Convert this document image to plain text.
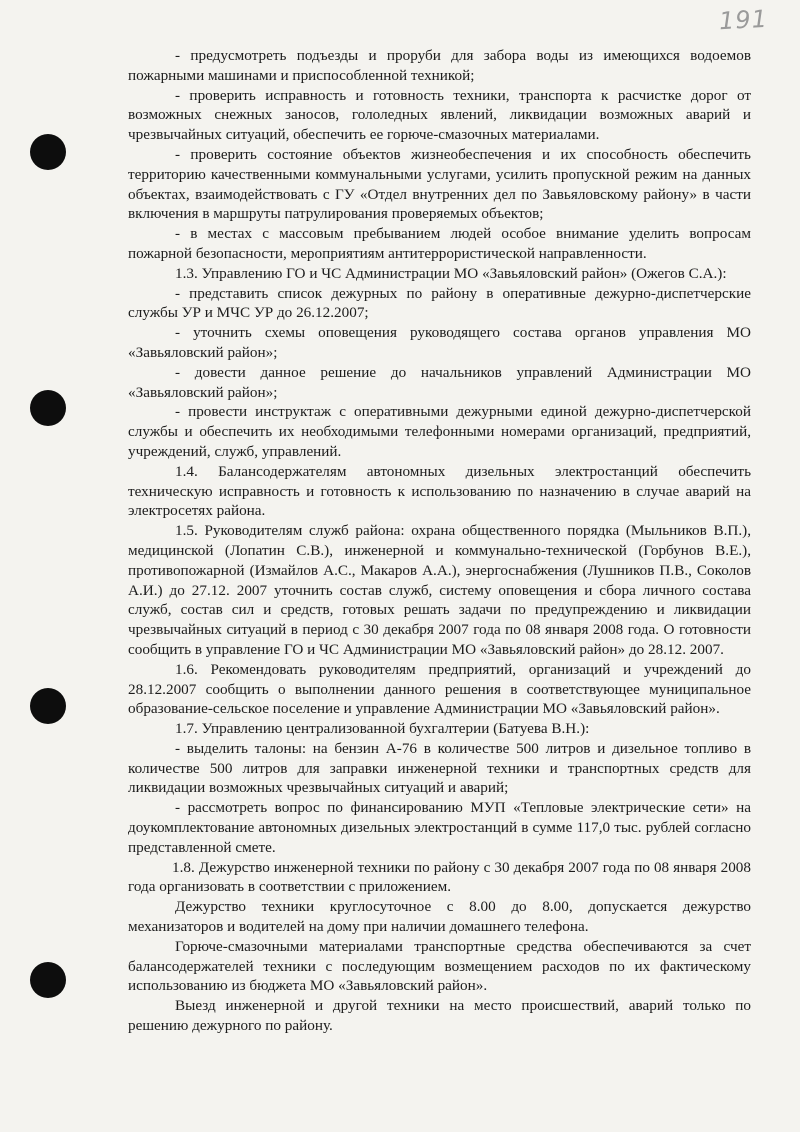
191

- предусмотреть подъезды и проруби для забора воды из имеющихся водоемов пожарными машинами и приспособленной техникой;

- проверить исправность и готовность техники, транспорта к расчистке дорог от возможных снежных заносов, гололедных явлений, ликвидации возможных аварий и чрезвычайных ситуаций, обеспечить ее горюче-смазочных материалами.

- проверить состояние объектов жизнеобеспечения и их способность обеспечить территорию качественными коммунальными услугами, усилить пропускной режим на данных объектах, взаимодействовать с ГУ «Отдел внутренних дел по Завьяловскому району» в части включения в маршруты патрулирования проверяемых объектов;

- в местах с массовым пребыванием людей особое внимание уделить вопросам пожарной безопасности, мероприятиям антитеррористической направленности.

1.3. Управлению ГО и ЧС Администрации МО «Завьяловский район» (Ожегов С.А.):

- представить список дежурных по району в оперативные дежурно-диспетчерские службы УР и МЧС УР до 26.12.2007;

- уточнить схемы оповещения руководящего состава органов управления МО «Завьяловский район»;

- довести данное решение до начальников управлений Администрации МО «Завьяловский район»;

- провести инструктаж с оперативными дежурными единой дежурно-диспетчерской службы и обеспечить их необходимыми телефонными номерами организаций, предприятий, учреждений, служб, управлений.

1.4. Балансодержателям автономных дизельных электростанций обеспечить техническую исправность и готовность к использованию по назначению в случае аварий на электросетях района.

1.5. Руководителям служб района: охрана общественного порядка (Мыльников В.П.), медицинской (Лопатин С.В.), инженерной и коммунально-технической (Горбунов В.Е.), противопожарной (Измайлов А.С., Макаров А.А.), энергоснабжения (Лушников П.В., Соколов А.И.) до 27.12. 2007 уточнить состав служб, систему оповещения и сбора личного состава служб, состав сил и средств, готовых решать задачи по предупреждению и ликвидации чрезвычайных ситуаций в период с 30 декабря 2007 года по 08 января 2008 года. О готовности сообщить в управление ГО и ЧС Администрации МО «Завьяловский район» до 28.12. 2007.

1.6. Рекомендовать руководителям предприятий, организаций и учреждений до 28.12.2007 сообщить о выполнении данного решения в соответствующее муниципальное образование-сельское поселение и управление Администрации МО «Завьяловский район».

1.7. Управлению централизованной бухгалтерии (Батуева В.Н.):

- выделить талоны: на бензин А-76 в количестве 500 литров и дизельное топливо в количестве 500 литров для заправки инженерной техники и транспортных средств для ликвидации возможных чрезвычайных ситуаций и аварий;

- рассмотреть вопрос по финансированию МУП «Тепловые электрические сети» на доукомплектование автономных дизельных электростанций в сумме 117,0 тыс. рублей согласно представленной смете.

1.8. Дежурство инженерной техники по району с 30 декабря 2007 года по 08 января 2008 года организовать в соответствии с приложением.

Дежурство техники круглосуточное с 8.00 до 8.00, допускается дежурство механизаторов и водителей на дому при наличии домашнего телефона.

Горюче-смазочными материалами транспортные средства обеспечиваются за счет балансодержателей техники с последующим возмещением расходов по их фактическому использованию из бюджета МО «Завьяловский район».

Выезд инженерной и другой техники на место происшествий, аварий только по решению дежурного по району.
